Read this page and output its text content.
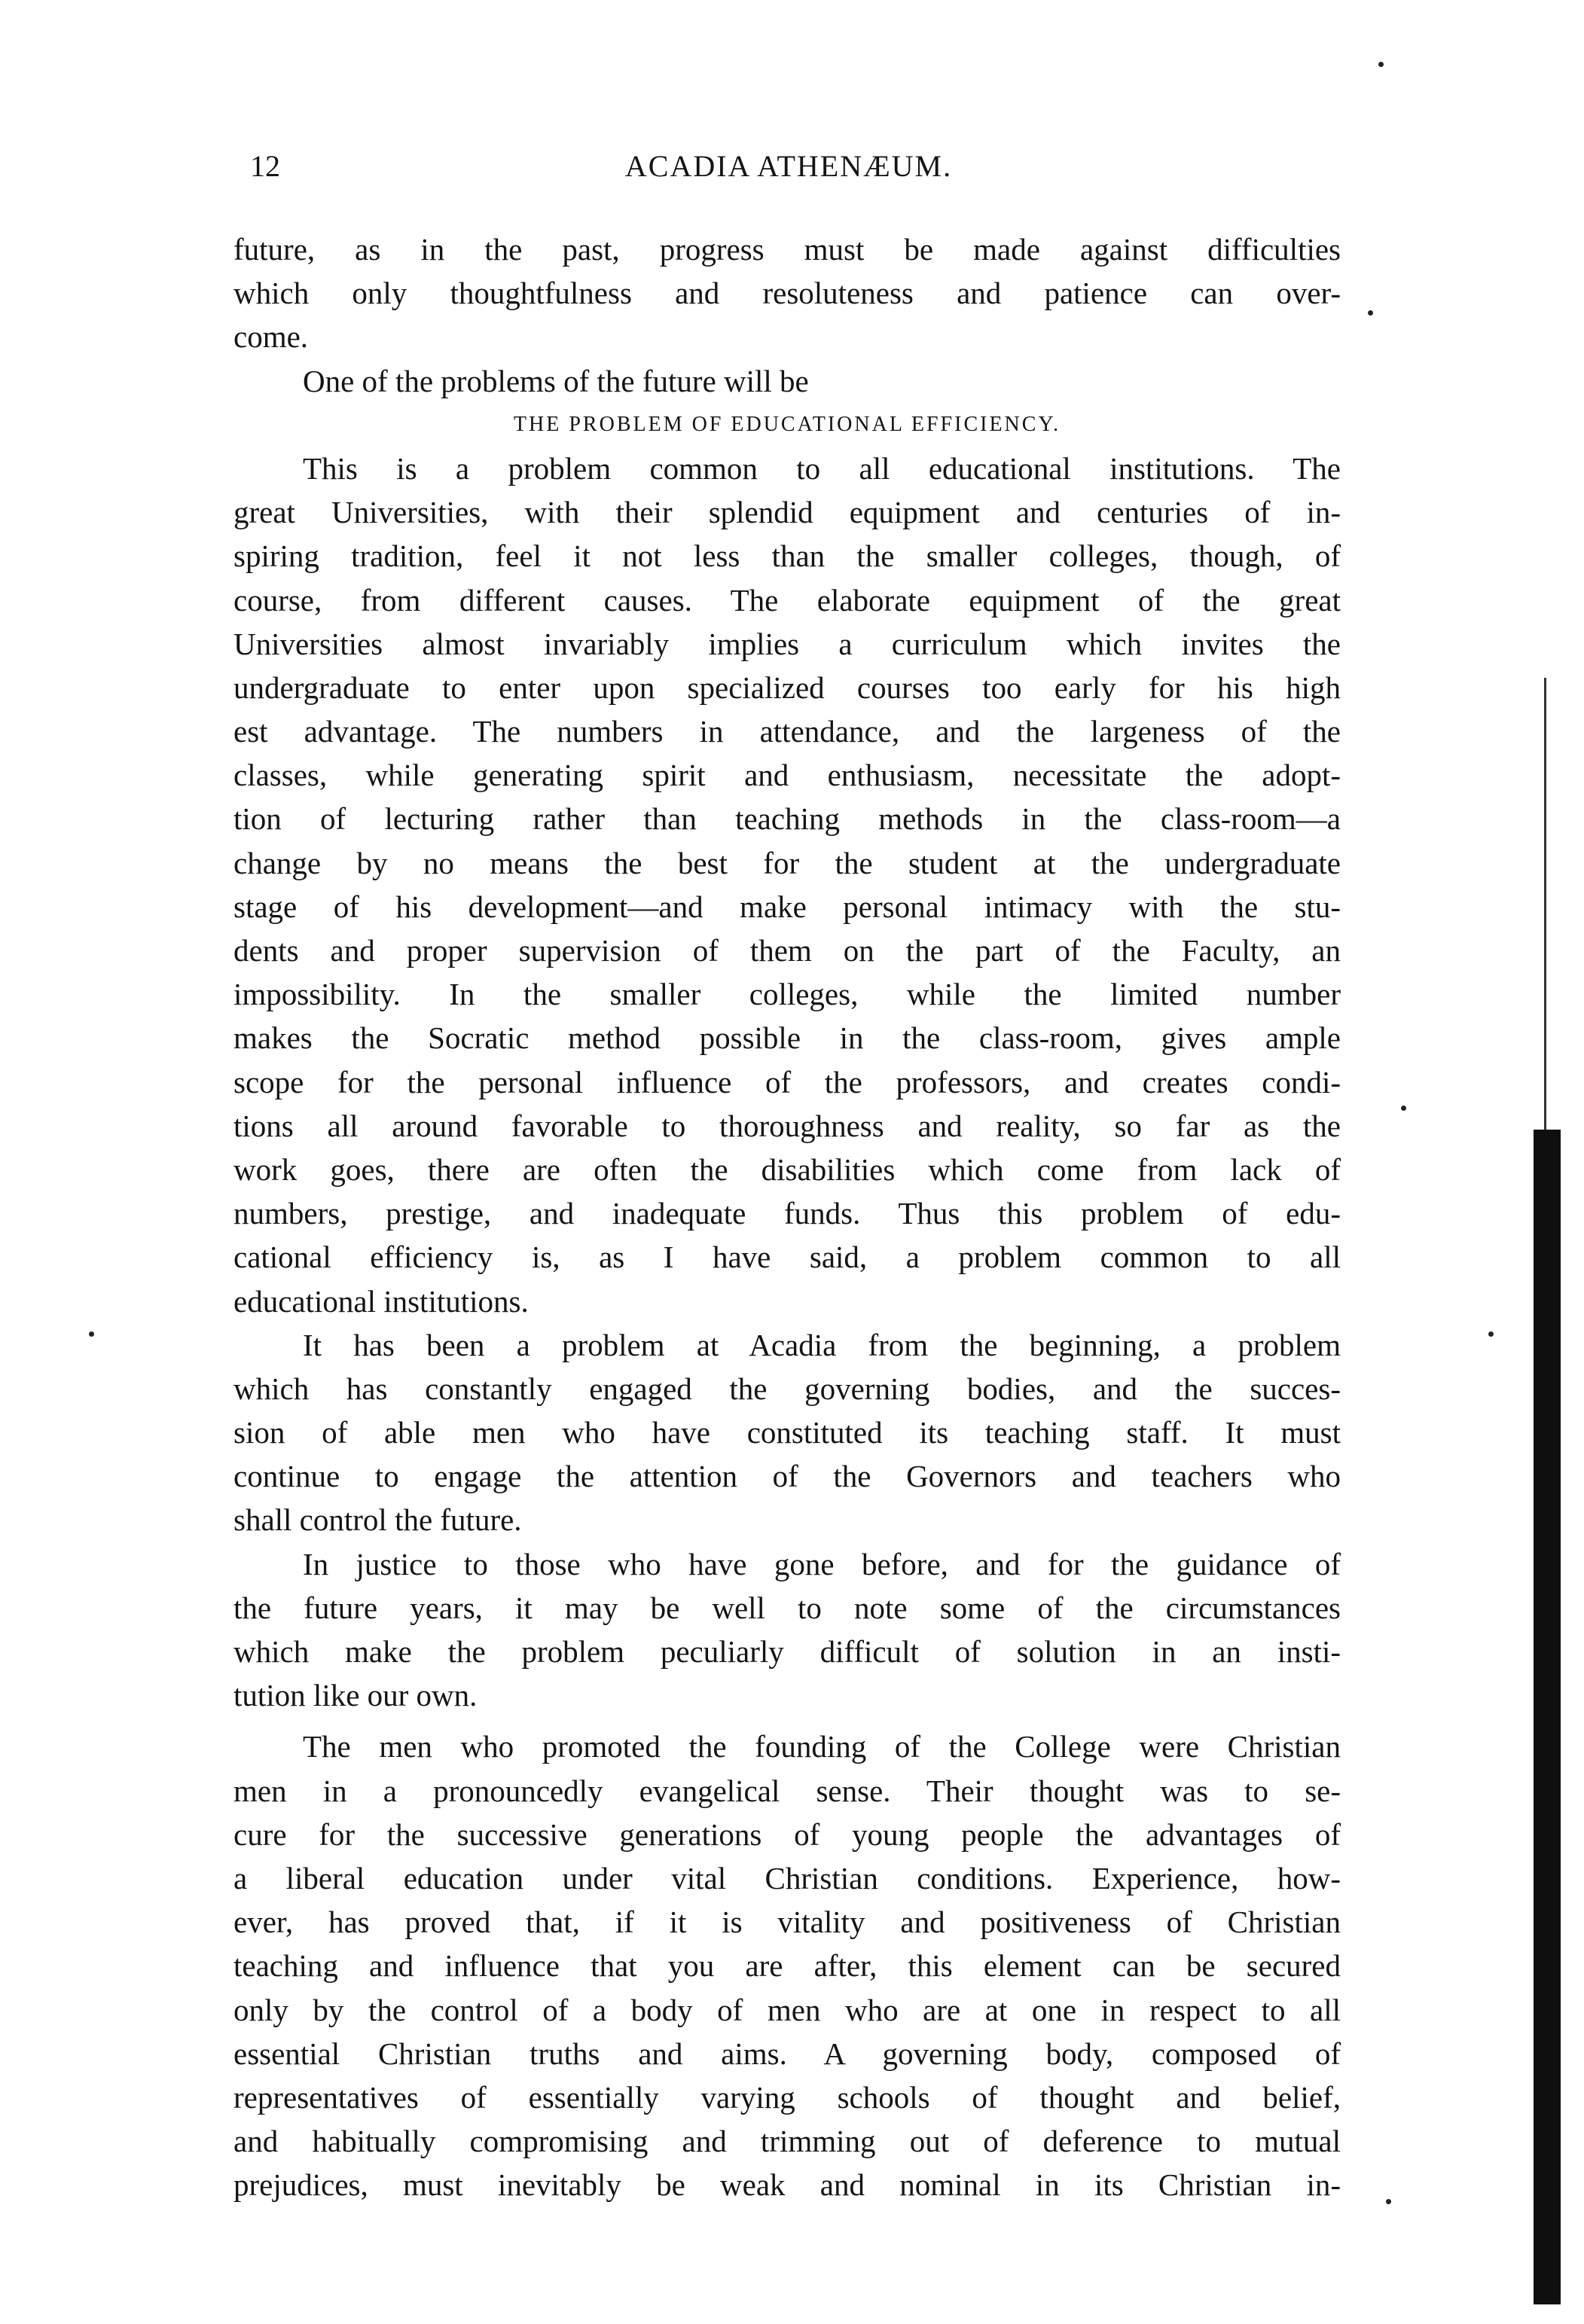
12	ACADIA ATHENÆUM.
future, as in the past, progress must be made against difficulties
which only thoughtfulness and resoluteness and patience can over-
come.
One of the problems of the future will be
THE PROBLEM OF EDUCATIONAL EFFICIENCY.
This is a problem common to all educational institutions. The
great Universities, with their splendid equipment and centuries of in-
spiring tradition, feel it not less than the smaller colleges, though, of
course, from different causes. The elaborate equipment of the great
Universities almost invariably implies a curriculum which invites the
undergraduate to enter upon specialized courses too early for his high
est advantage. The numbers in attendance, and the largeness of the
classes, while generating spirit and enthusiasm, necessitate the adopt-
tion of lecturing rather than teaching methods in the class-room—a
change by no means the best for the student at the undergraduate
stage of his development—and make personal intimacy with the stu-
dents and proper supervision of them on the part of the Faculty, an
impossibility. In the smaller colleges, while the limited number
makes the Socratic method possible in the class-room, gives ample
scope for the personal influence of the professors, and creates condi-
tions all around favorable to thoroughness and reality, so far as the
work goes, there are often the disabilities which come from lack of
numbers, prestige, and inadequate funds. Thus this problem of edu-
cational efficiency is, as I have said, a problem common to all
educational institutions.
It has been a problem at Acadia from the beginning, a problem
which has constantly engaged the governing bodies, and the succes-
sion of able men who have constituted its teaching staff. It must
continue to engage the attention of the Governors and teachers who
shall control the future.
In justice to those who have gone before, and for the guidance of
the future years, it may be well to note some of the circumstances
which make the problem peculiarly difficult of solution in an insti-
tution like our own.
The men who promoted the founding of the College were Christian
men in a pronouncedly evangelical sense. Their thought was to se-
cure for the successive generations of young people the advantages of
a liberal education under vital Christian conditions. Experience, how-
ever, has proved that, if it is vitality and positiveness of Christian
teaching and influence that you are after, this element can be secured
only by the control of a body of men who are at one in respect to all
essential Christian truths and aims. A governing body, composed of
representatives of essentially varying schools of thought and belief,
and habitually compromising and trimming out of deference to mutual
prejudices, must inevitably be weak and nominal in its Christian in-
